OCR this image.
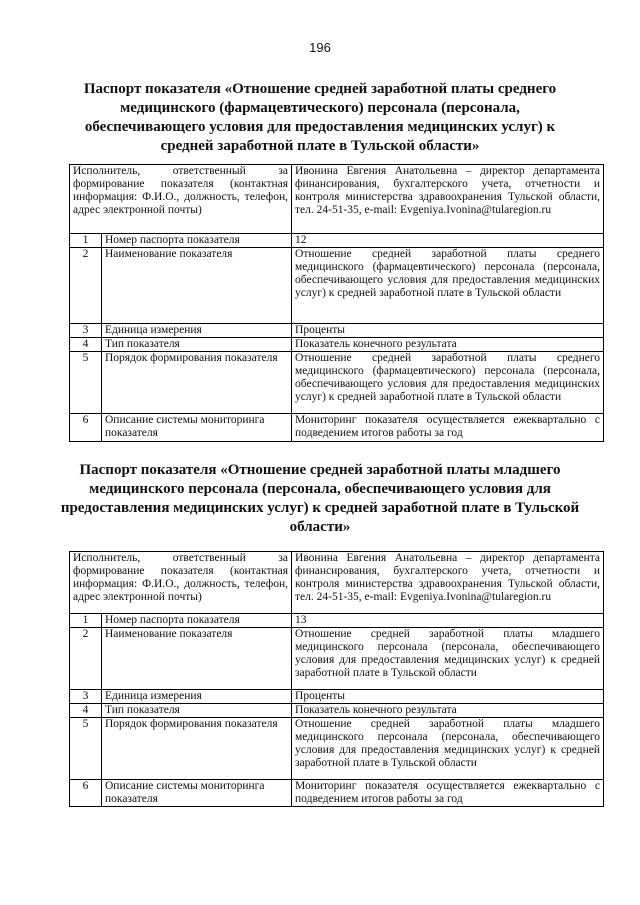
196
Паспорт показателя «Отношение средней заработной платы среднего медицинского (фармацевтического) персонала (персонала, обеспечивающего условия для предоставления медицинских услуг) к средней заработной плате в Тульской области»
Исполнитель, ответственный за формирование показателя (контактная информация: Ф.И.О., должность, телефон, адрес электронной почты)		Ивонина Евгения Анатольевна – директор департамента финансирования, бухгалтерского учета, отчетности и контроля министерства здравоохранения Тульской области, тел. 24-51-35, e-mail: Evgeniya.Ivonina@tularegion.ru
1	Номер паспорта показателя	12
2	Наименование показателя	Отношение средней заработной платы среднего медицинского (фармацевтического) персонала (персонала, обеспечивающего условия для предоставления медицинских услуг) к средней заработной плате в Тульской области
3	Единица измерения	Проценты
4	Тип показателя	Показатель конечного результата
5	Порядок формирования показателя	Отношение средней заработной платы среднего медицинского (фармацевтического) персонала (персонала, обеспечивающего условия для предоставления медицинских услуг) к средней заработной плате в Тульской области
6	Описание системы мониторинга показателя	Мониторинг показателя осуществляется ежеквартально с подведением итогов работы за год
Паспорт показателя «Отношение средней заработной платы младшего медицинского персонала (персонала, обеспечивающего условия для предоставления медицинских услуг) к средней заработной плате в Тульской области»
Исполнитель, ответственный за формирование показателя (контактная информация: Ф.И.О., должность, телефон, адрес электронной почты)		Ивонина Евгения Анатольевна – директор департамента финансирования, бухгалтерского учета, отчетности и контроля министерства здравоохранения Тульской области, тел. 24-51-35, e-mail: Evgeniya.Ivonina@tularegion.ru
1	Номер паспорта показателя	13
2	Наименование показателя	Отношение средней заработной платы младшего медицинского персонала (персонала, обеспечивающего условия для предоставления медицинских услуг) к средней заработной плате в Тульской области
3	Единица измерения	Проценты
4	Тип показателя	Показатель конечного результата
5	Порядок формирования показателя	Отношение средней заработной платы младшего медицинского персонала (персонала, обеспечивающего условия для предоставления медицинских услуг) к средней заработной плате в Тульской области
6	Описание системы мониторинга показателя	Мониторинг показателя осуществляется ежеквартально с подведением итогов работы за год
